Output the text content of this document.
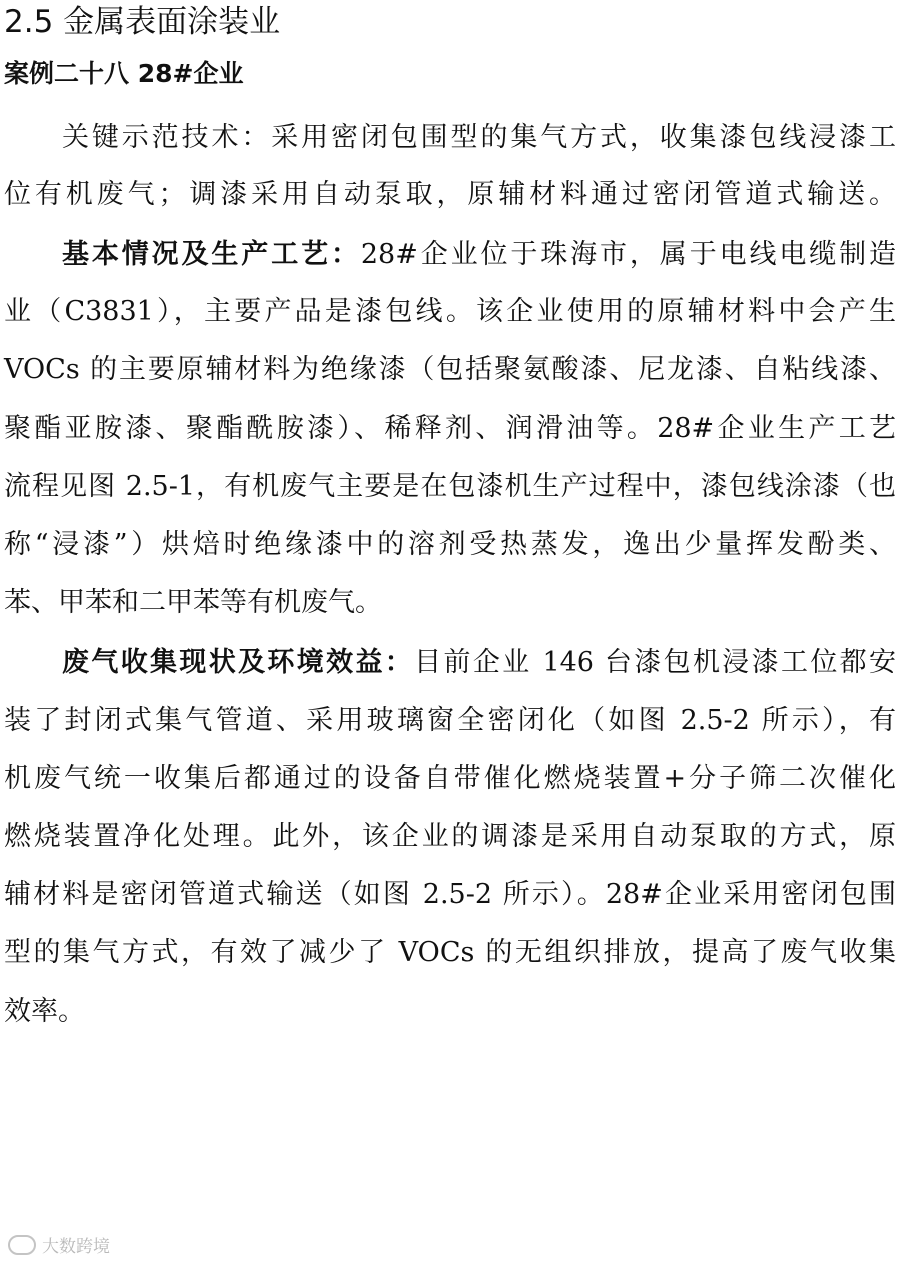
2.5 金属表面涂装业
案例二十八 28#企业
关键示范技术：采用密闭包围型的集气方式，收集漆包线浸漆工
位有机废气；调漆采用自动泵取，原辅材料通过密闭管道式输送。
基本情况及生产工艺：28#企业位于珠海市，属于电线电缆制造
业（C3831），主要产品是漆包线。该企业使用的原辅材料中会产生
VOCs 的主要原辅材料为绝缘漆（包括聚氨酸漆、尼龙漆、自粘线漆、
聚酯亚胺漆、聚酯酰胺漆）、稀释剂、润滑油等。28#企业生产工艺
流程见图 2.5-1，有机废气主要是在包漆机生产过程中，漆包线涂漆（也
称“浸漆”）烘焙时绝缘漆中的溶剂受热蒸发，逸出少量挥发酚类、
苯、甲苯和二甲苯等有机废气。
废气收集现状及环境效益：目前企业 146 台漆包机浸漆工位都安
装了封闭式集气管道、采用玻璃窗全密闭化（如图 2.5-2 所示），有
机废气统一收集后都通过的设备自带催化燃烧装置+分子筛二次催化
燃烧装置净化处理。此外，该企业的调漆是采用自动泵取的方式，原
辅材料是密闭管道式输送（如图 2.5-2 所示）。28#企业采用密闭包围
型的集气方式，有效了减少了 VOCs 的无组织排放，提高了废气收集
效率。
大数跨境
